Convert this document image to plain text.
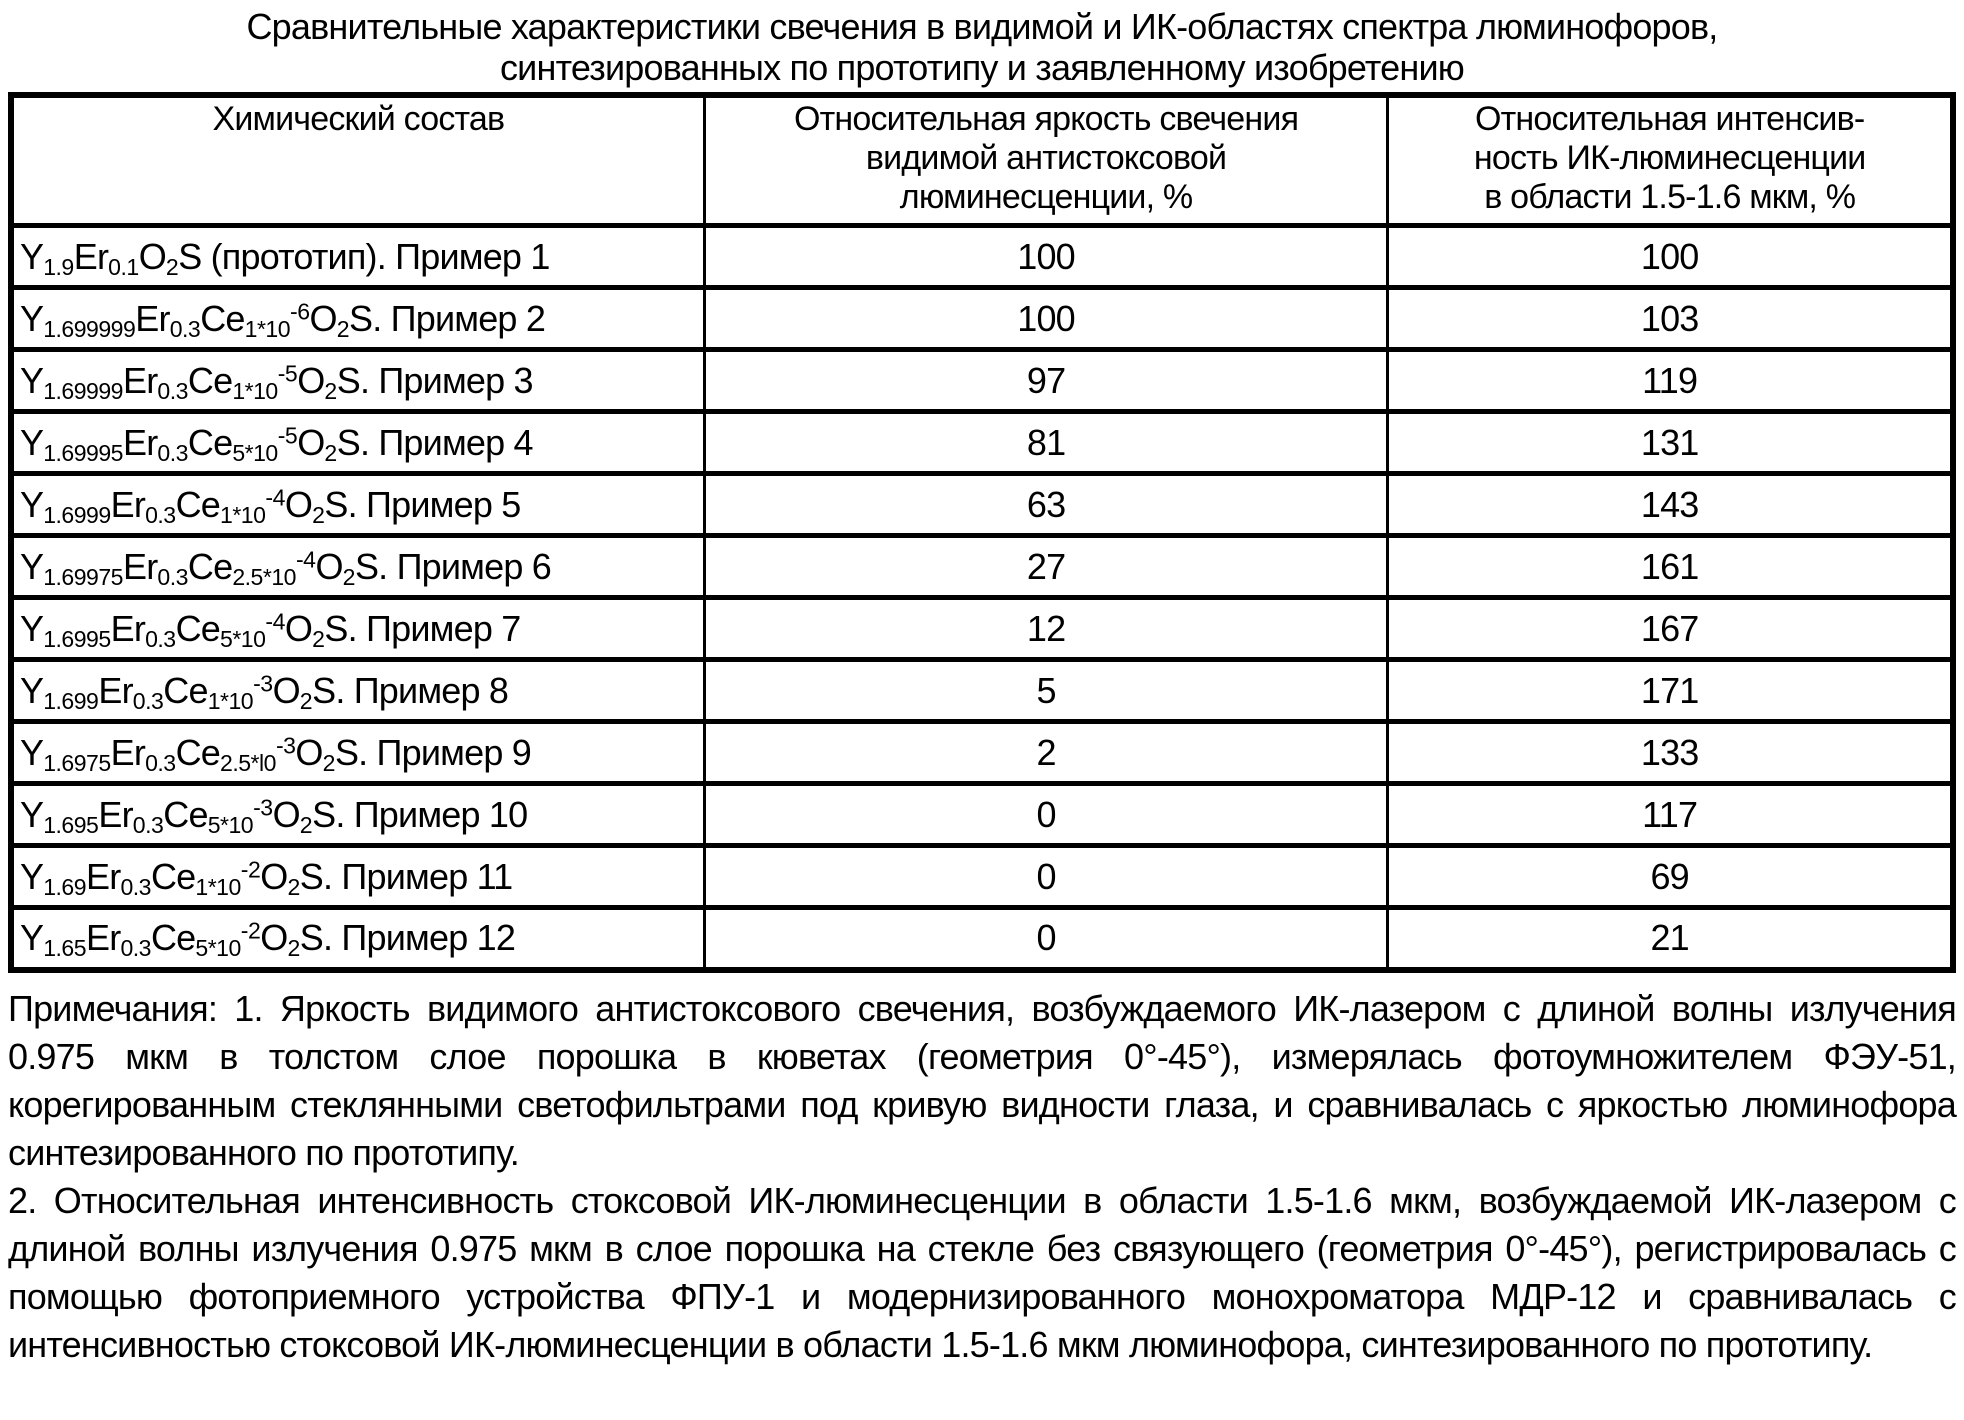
Сравнительные характеристики свечения в видимой и ИК-областях спектра люминофоров,
синтезированных по прототипу и заявленному изобретению
Химический состав	Относительная яркость свечения
видимой антистоксовой
люминесценции, %	Относительная интенсив-
ность ИК-люминесценции
в области 1.5-1.6 мкм, %
$Y_{1.9}Er_{0.1}O_2S$ (прототип). Пример 1	100	100
$Y_{1.699999}Er_{0.3}Ce_{1*10}^{-6}O_2S$. Пример 2	100	103
$Y_{1.69999}Er_{0.3}Ce_{1*10}^{-5}O_2S$. Пример 3	97	119
$Y_{1.69995}Er_{0.3}Ce_{5*10}^{-5}O_2S$. Пример 4	81	131
$Y_{1.6999}Er_{0.3}Ce_{1*10}^{-4}O_2S$. Пример 5	63	143
$Y_{1.69975}Er_{0.3}Ce_{2.5*10}^{-4}O_2S$. Пример 6	27	161
$Y_{1.6995}Er_{0.3}Ce_{5*10}^{-4}O_2S$. Пример 7	12	167
$Y_{1.699}Er_{0.3}Ce_{1*10}^{-3}O_2S$. Пример 8	5	171
$Y_{1.6975}Er_{0.3}Ce_{2.5*l0}^{-3}O_2S$. Пример 9	2	133
$Y_{1.695}Er_{0.3}Ce_{5*10}^{-3}O_2S$. Пример 10	0	117
$Y_{1.69}Er_{0.3}Ce_{1*10}^{-2}O_2S$. Пример 11	0	69
$Y_{1.65}Er_{0.3}Ce_{5*10}^{-2}O_2S$. Пример 12	0	21

Примечания: 1. Яркость видимого антистоксового свечения, возбуждаемого ИК-лазером с длиной волны излучения 0.975 мкм в толстом слое порошка в кюветах (геометрия 0°-45°), измерялась фотоумножителем ФЭУ-51, корегированным стеклянными светофильтрами под кривую видности глаза, и сравнивалась с яркостью люминофора синтезированного по прототипу.

2. Относительная интенсивность стоксовой ИК-люминесценции в области 1.5-1.6 мкм, возбуждаемой ИК-лазером с длиной волны излучения 0.975 мкм в слое порошка на стекле без связующего (геометрия 0°-45°), регистрировалась с помощью фотоприемного устройства ФПУ-1 и модернизированного монохроматора МДР-12 и сравнивалась с интенсивностью стоксовой ИК-люминесценции в области 1.5-1.6 мкм люминофора, синтезированного по прототипу.
